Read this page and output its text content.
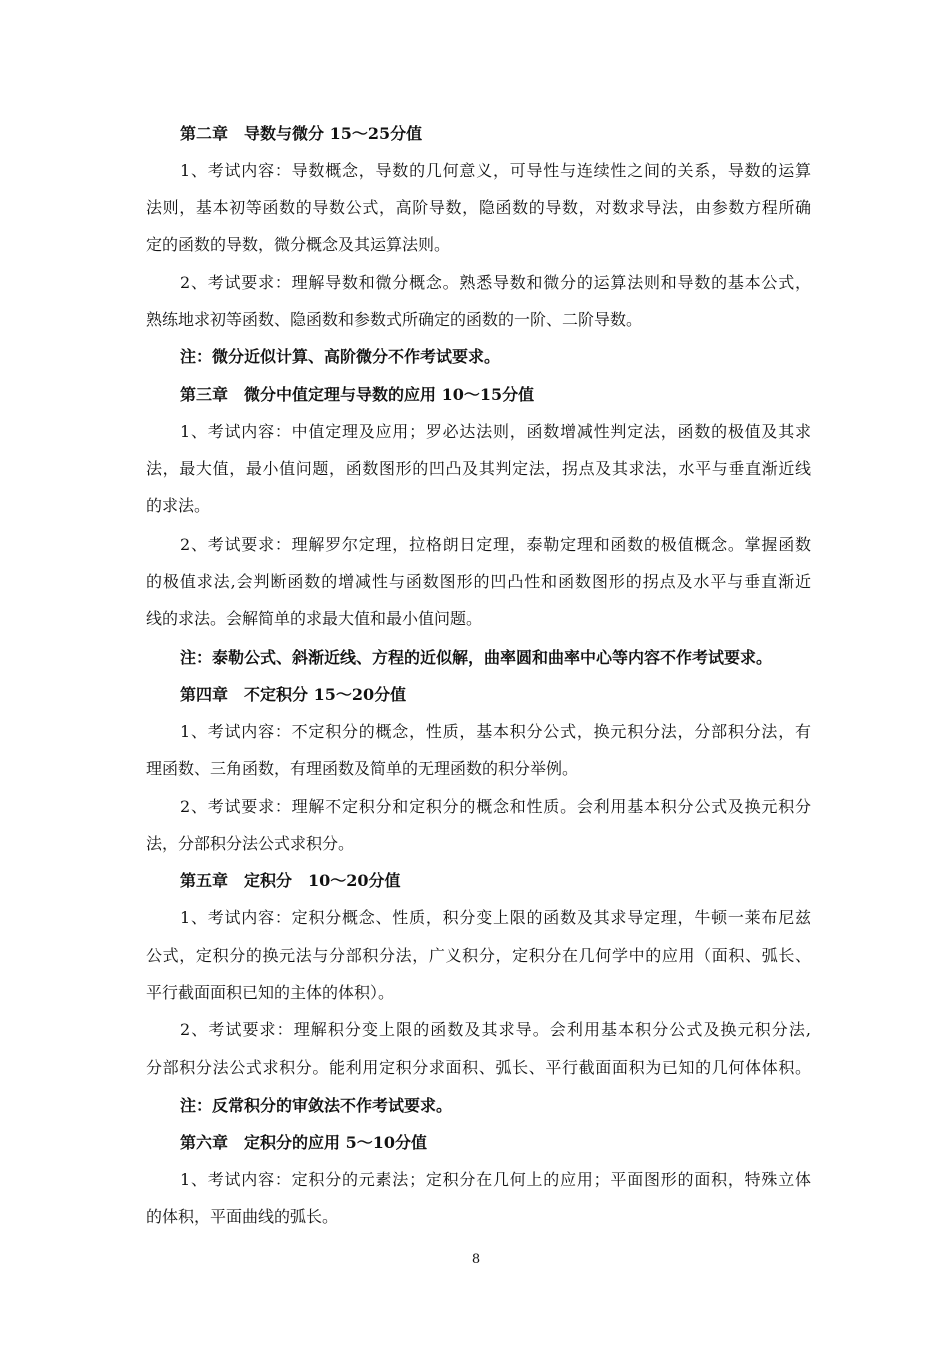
第二章　导数与微分 15～25分值
1、考试内容：导数概念，导数的几何意义，可导性与连续性之间的关系，导数的运算
法则，基本初等函数的导数公式，高阶导数，隐函数的导数，对数求导法，由参数方程所确
定的函数的导数，微分概念及其运算法则。
2、考试要求：理解导数和微分概念。熟悉导数和微分的运算法则和导数的基本公式，
熟练地求初等函数、隐函数和参数式所确定的函数的一阶、二阶导数。
注：微分近似计算、高阶微分不作考试要求。
第三章　微分中值定理与导数的应用 10～15分值
1、考试内容：中值定理及应用；罗必达法则，函数增减性判定法，函数的极值及其求
法，最大值，最小值问题，函数图形的凹凸及其判定法，拐点及其求法，水平与垂直渐近线
的求法。
2、考试要求：理解罗尔定理，拉格朗日定理，泰勒定理和函数的极值概念。掌握函数
的极值求法,会判断函数的增减性与函数图形的凹凸性和函数图形的拐点及水平与垂直渐近
线的求法。会解简单的求最大值和最小值问题。
注：泰勒公式、斜渐近线、方程的近似解，曲率圆和曲率中心等内容不作考试要求。
第四章　不定积分 15～20分值
1、考试内容：不定积分的概念，性质，基本积分公式，换元积分法，分部积分法，有
理函数、三角函数，有理函数及简单的无理函数的积分举例。
2、考试要求：理解不定积分和定积分的概念和性质。会利用基本积分公式及换元积分
法，分部积分法公式求积分。
第五章　定积分　10～20分值
1、考试内容：定积分概念、性质，积分变上限的函数及其求导定理，牛顿一莱布尼兹
公式，定积分的换元法与分部积分法，广义积分，定积分在几何学中的应用（面积、弧长、
平行截面面积已知的主体的体积）。
2、考试要求：理解积分变上限的函数及其求导。会利用基本积分公式及换元积分法,
分部积分法公式求积分。能利用定积分求面积、弧长、平行截面面积为已知的几何体体积。
注：反常积分的审敛法不作考试要求。
第六章　定积分的应用 5～10分值
1、考试内容：定积分的元素法；定积分在几何上的应用；平面图形的面积，特殊立体
的体积，平面曲线的弧长。
8
